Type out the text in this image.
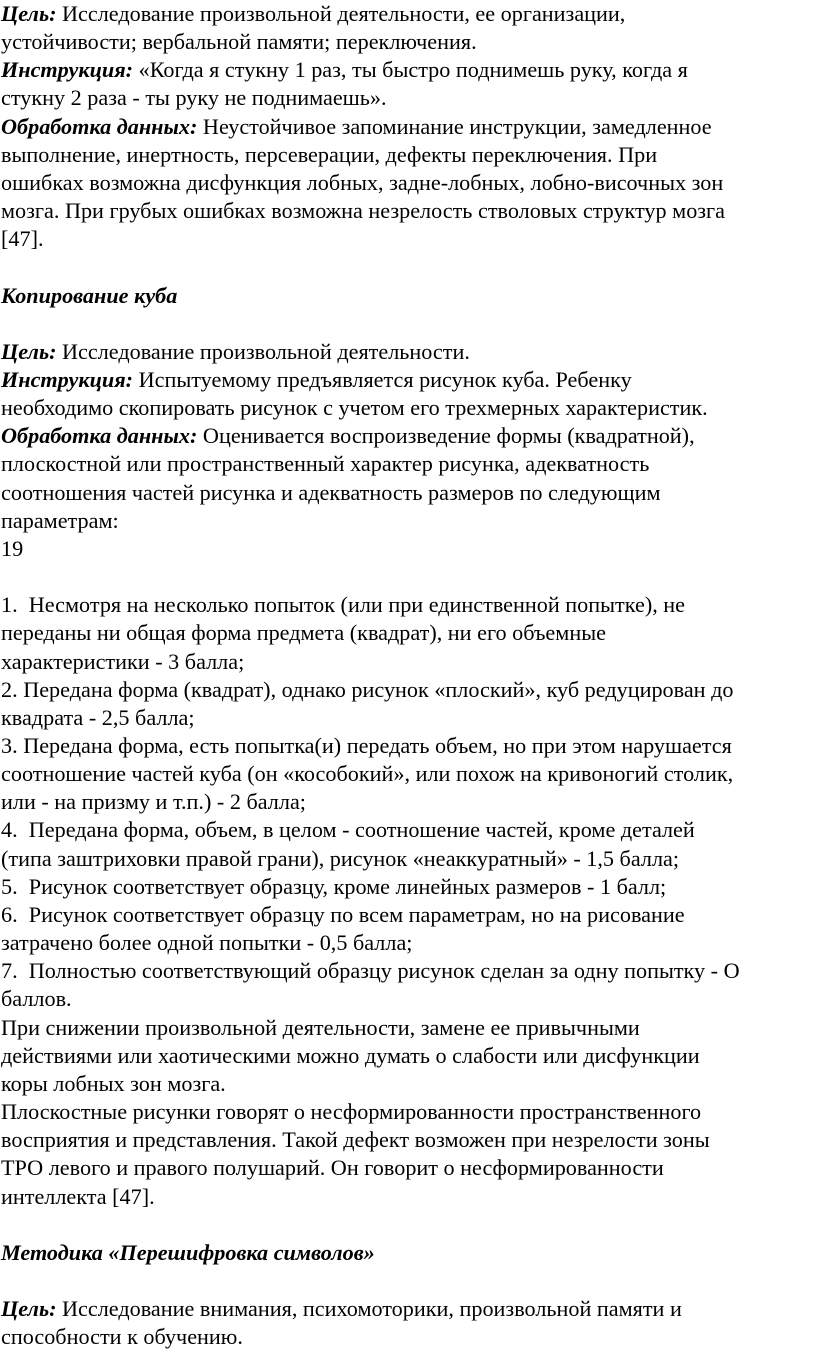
Цель: Исследование произвольной деятельности, ее организации,
устойчивости; вербальной памяти; переключения.
Инструкция: «Когда я стукну 1 раз, ты быстро поднимешь руку, когда я
стукну 2 раза - ты руку не поднимаешь».
Обработка данных: Неустойчивое запоминание инструкции, замедленное
выполнение, инертность, персеверации, дефекты переключения. При
ошибках возможна дисфункция лобных, задне-лобных, лобно-височных зон
мозга. При грубых ошибках возможна незрелость стволовых структур мозга
[47].
Копирование куба
Цель: Исследование произвольной деятельности.
Инструкция: Испытуемому предъявляется рисунок куба. Ребенку
необходимо скопировать рисунок с учетом его трехмерных характеристик.
Обработка данных: Оценивается воспроизведение формы (квадратной),
плоскостной или пространственный характер рисунка, адекватность
соотношения частей рисунка и адекватность размеров по следующим
параметрам:
19
1.  Несмотря на несколько попыток (или при единственной попытке), не
переданы ни общая форма предмета (квадрат), ни его объемные
характеристики - 3 балла;
2. Передана форма (квадрат), однако рисунок «плоский», куб редуцирован до
квадрата - 2,5 балла;
3. Передана форма, есть попытка(и) передать объем, но при этом нарушается
соотношение частей куба (он «кособокий», или похож на кривоногий столик,
или - на призму и т.п.) - 2 балла;
4.  Передана форма, объем, в целом - соотношение частей, кроме деталей
(типа заштриховки правой грани), рисунок «неаккуратный» - 1,5 балла;
5.  Рисунок соответствует образцу, кроме линейных размеров - 1 балл;
6.  Рисунок соответствует образцу по всем параметрам, но на рисование
затрачено более одной попытки - 0,5 балла;
7.  Полностью соответствующий образцу рисунок сделан за одну попытку - О
баллов.
При снижении произвольной деятельности, замене ее привычными
действиями или хаотическими можно думать о слабости или дисфункции
коры лобных зон мозга.
Плоскостные рисунки говорят о несформированности пространственного
восприятия и представления. Такой дефект возможен при незрелости зоны
ТРО левого и правого полушарий. Он говорит о несформированности
интеллекта [47].
Методика «Перешифровка символов»
Цель: Исследование внимания, психомоторики, произвольной памяти и
способности к обучению.
